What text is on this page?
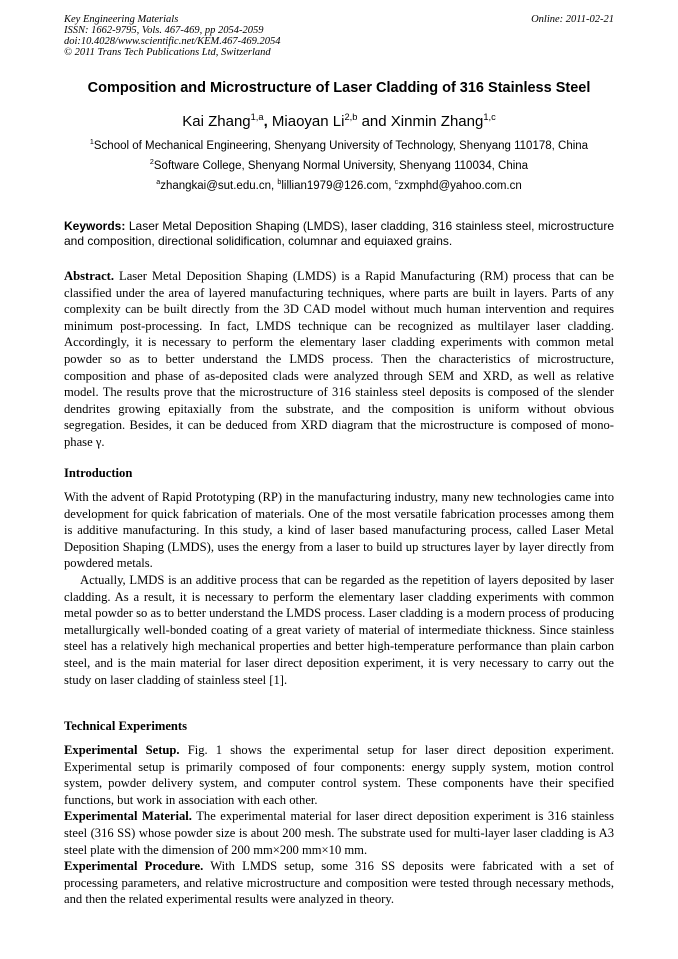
Key Engineering Materials
ISSN: 1662-9795, Vols. 467-469, pp 2054-2059
doi:10.4028/www.scientific.net/KEM.467-469.2054
© 2011 Trans Tech Publications Ltd, Switzerland
Online: 2011-02-21
Composition and Microstructure of Laser Cladding of 316 Stainless Steel
Kai Zhang$^{1,a}$, Miaoyan Li$^{2,b}$ and Xinmin Zhang$^{1,c}$
$^1$School of Mechanical Engineering, Shenyang University of Technology, Shenyang 110178, China
$^2$Software College, Shenyang Normal University, Shenyang 110034, China
$^a$zhangkai@sut.edu.cn, $^b$lillian1979@126.com, $^c$zxmphd@yahoo.com.cn
Keywords: Laser Metal Deposition Shaping (LMDS), laser cladding, 316 stainless steel, microstructure and composition, directional solidification, columnar and equiaxed grains.

Abstract. Laser Metal Deposition Shaping (LMDS) is a Rapid Manufacturing (RM) process that can be classified under the area of layered manufacturing techniques, where parts are built in layers. Parts of any complexity can be built directly from the 3D CAD model without much human intervention and requires minimum post-processing. In fact, LMDS technique can be recognized as multilayer laser cladding. Accordingly, it is necessary to perform the elementary laser cladding experiments with common metal powder so as to better understand the LMDS process. Then the characteristics of microstructure, composition and phase of as-deposited clads were analyzed through SEM and XRD, as well as relative model. The results prove that the microstructure of 316 stainless steel deposits is composed of the slender dendrites growing epitaxially from the substrate, and the composition is uniform without obvious segregation. Besides, it can be deduced from XRD diagram that the microstructure is composed of mono-phase γ.

Introduction

With the advent of Rapid Prototyping (RP) in the manufacturing industry, many new technologies came into development for quick fabrication of materials. One of the most versatile fabrication processes among them is additive manufacturing. In this study, a kind of laser based manufacturing process, called Laser Metal Deposition Shaping (LMDS), uses the energy from a laser to build up structures layer by layer directly from powdered metals.

Actually, LMDS is an additive process that can be regarded as the repetition of layers deposited by laser cladding. As a result, it is necessary to perform the elementary laser cladding experiments with common metal powder so as to better understand the LMDS process. Laser cladding is a modern process of producing metallurgically well-bonded coating of a great variety of material of intermediate thickness. Since stainless steel has a relatively high mechanical properties and better high-temperature performance than plain carbon steel, and is the main material for laser direct deposition experiment, it is very necessary to carry out the study on laser cladding of stainless steel [1].

Technical Experiments

Experimental Setup. Fig. 1 shows the experimental setup for laser direct deposition experiment. Experimental setup is primarily composed of four components: energy supply system, motion control system, powder delivery system, and computer control system. These components have their specified functions, but work in association with each other.

Experimental Material. The experimental material for laser direct deposition experiment is 316 stainless steel (316 SS) whose powder size is about 200 mesh. The substrate used for multi-layer laser cladding is A3 steel plate with the dimension of 200 mm×200 mm×10 mm.

Experimental Procedure. With LMDS setup, some 316 SS deposits were fabricated with a set of processing parameters, and relative microstructure and composition were tested through necessary methods, and then the related experimental results were analyzed in theory.
